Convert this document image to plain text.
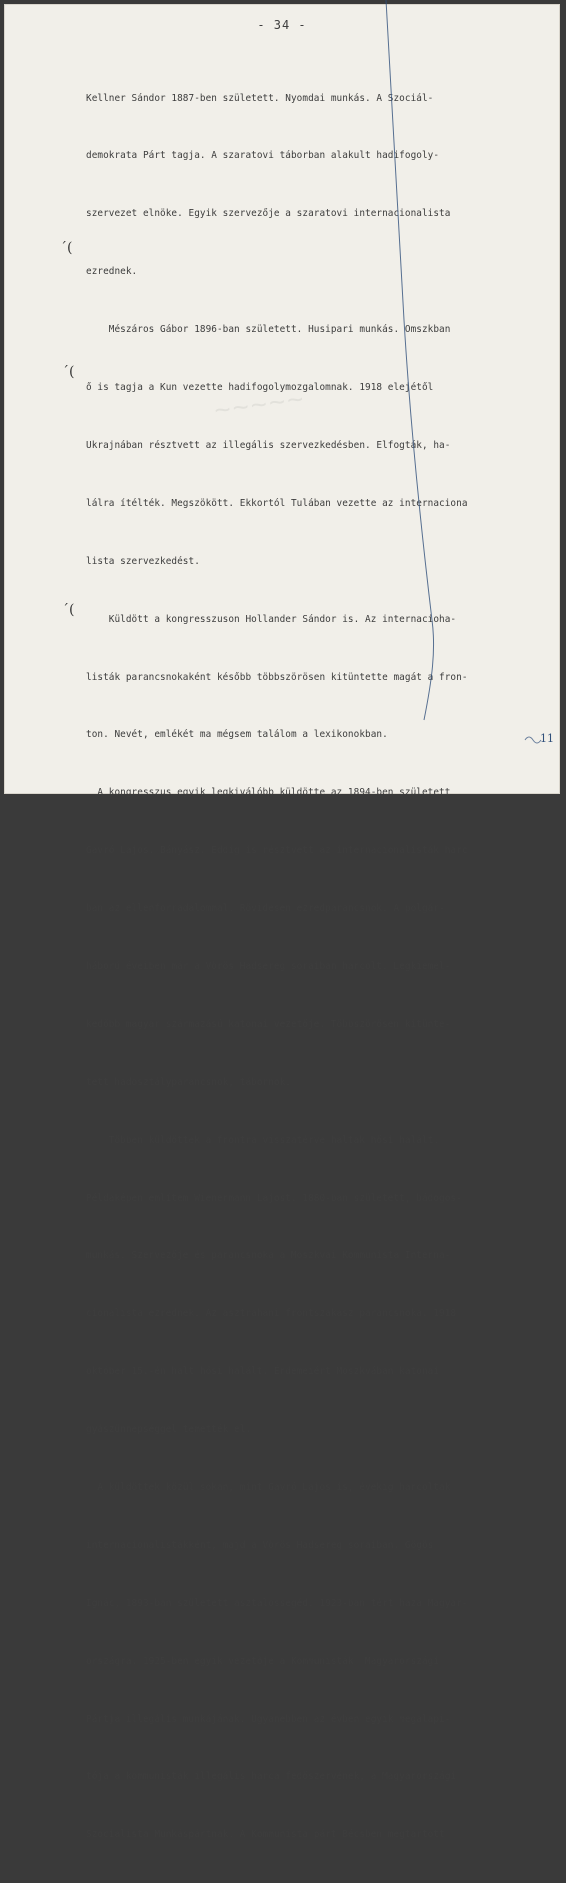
- 34 -

Kellner Sándor 1887-ben született. Nyomdai munkás. A Szociál-

demokrata Párt tagja. A szaratovi táborban alakult hadifogoly-

szervezet elnöke. Egyik szervezője a szaratovi internacionalista

ezrednek.

Mészáros Gábor 1896-ban született. Husipari munkás. Omszkban

ő is tagja a Kun vezette hadifogolymozgalomnak. 1918 elejétől

Ukrajnában résztvett az illegális szervezkedésben. Elfogták, ha-

lálra ítélték. Megszökött. Ekkortól Tulában vezette az internaciona

lista szervezkedést.

Küldött a kongresszuson Hollander Sándor is. Az internacioha-

listák parancsnokaként később többszörösen kitüntette magát a fron-

ton. Nevét, emlékét ma mégsem találom a lexikonokban.

A kongresszus egyik legkiválóbb küldötte az 1894-ben született

Gavró Lajos. Bányász. Eddig is résztvett az internacionalisták harc

ban az ellenforradalommal. Rövidesen ezredparancsnok. A polgár-

háború éveiben már a Vörös Hadsereg soraiban harcolt. Legkiemel-

kedőbb magyar származású katonai vezetője. Többszörösen kitünte-

tett hadosztályparancsnok, tábornok.

Többen küldöttek a frontra visszatérve haltak hősi halált.

Példaképen említem Wienermann Lajost. 1880-ban született, bádogos-

munkás. Szervezője és parancsnoka a Moszkvai Kommunista Interna-

cionalista ezrednek. Az asztrahani frontszakasz parancsnoka. 1918

október 15.-én halt hősi halált. Érdemeiért Moszkvában katonai

gyászünnepséggel temették el.

A küldöttek közül sokan, mint Gavró Lajos is, évekig harcoltak

internacionalistákként, majd a Vörös Hadsereg soraiban. Gögös

Ignác, 1893-ban született asztalossegéd. 1923-ban tért haza Magyar-

országra. 1925-ben egyik vezetője a Kommunisták  Magyarországi

Pártja illegális munkájának. Ugyanebben az évben egyik megalapi-

tója a kommunisták illegális harca fedőszervének, a Magyarországi

Szocialista Munkáspártnak. A Kommunista párt Bécsben megtartott

~~~~~
ˊ(
ˊ(
ˊ(
11
